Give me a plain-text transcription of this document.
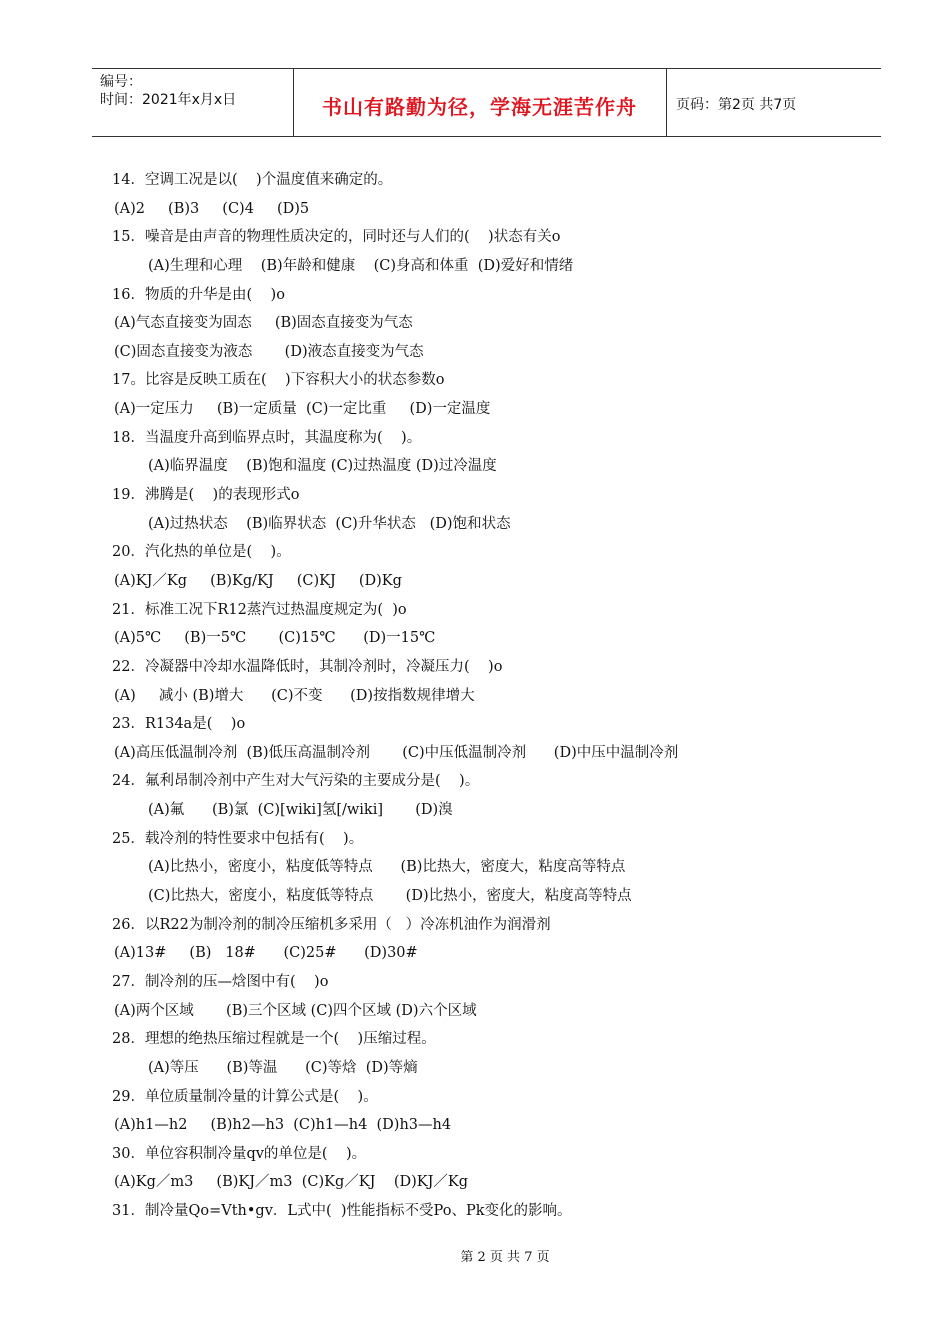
编号：
时间：2021年x月x日	书山有路勤为径，学海无涯苦作舟	页码：第2页 共7页
14．空调工况是以(    )个温度值来确定的。
(A)2     (B)3     (C)4     (D)5
15．噪音是由声音的物理性质决定的，同时还与人们的(    )状态有关o
(A)生理和心理    (B)年龄和健康    (C)身高和体重  (D)爱好和情绪
16．物质的升华是由(    )o
(A)气态直接变为固态     (B)固态直接变为气态
(C)固态直接变为液态       (D)液态直接变为气态
17。比容是反映工质在(    )下容积大小的状态参数o
(A)一定压力     (B)一定质量  (C)一定比重     (D)一定温度
18．当温度升高到临界点时，其温度称为(    )。
(A)临界温度    (B)饱和温度 (C)过热温度 (D)过冷温度
19．沸腾是(    )的表现形式o
(A)过热状态    (B)临界状态  (C)升华状态   (D)饱和状态
20．汽化热的单位是(    )。
(A)KJ／Kg     (B)Kg/KJ     (C)KJ     (D)Kg
21．标准工况下R12蒸汽过热温度规定为(  )o
(A)5℃     (B)一5℃       (C)15℃      (D)一15℃
22．冷凝器中冷却水温降低时，其制冷剂时，冷凝压力(    )o
(A)     减小 (B)增大      (C)不变      (D)按指数规律增大
23．R134a是(    )o
(A)高压低温制冷剂  (B)低压高温制冷剂       (C)中压低温制冷剂      (D)中压中温制冷剂
24．氟利昂制冷剂中产生对大气污染的主要成分是(    )。
(A)氟      (B)氯  (C)[wiki]氢[/wiki]       (D)溴
25．载冷剂的特性要求中包括有(    )。
(A)比热小，密度小，粘度低等特点      (B)比热大，密度大，粘度高等特点
(C)比热大，密度小，粘度低等特点       (D)比热小，密度大，粘度高等特点
26．以R22为制冷剂的制冷压缩机多采用（   ）冷冻机油作为润滑剂
(A)13#     (B)   18#      (C)25#      (D)30#
27．制冷剂的压—焓图中有(    )o
(A)两个区域       (B)三个区域 (C)四个区域 (D)六个区域
28．理想的绝热压缩过程就是一个(    )压缩过程。
(A)等压      (B)等温      (C)等焓  (D)等熵
29．单位质量制冷量的计算公式是(    )。
(A)h1—h2     (B)h2—h3  (C)h1—h4  (D)h3—h4
30．单位容积制冷量qv的单位是(    )。
(A)Kg／m3     (B)KJ／m3  (C)Kg／KJ    (D)KJ／Kg
31．制冷量Qo=Vth•gv．L式中(  )性能指标不受Po、Pk变化的影响。
第 2 页 共 7 页
